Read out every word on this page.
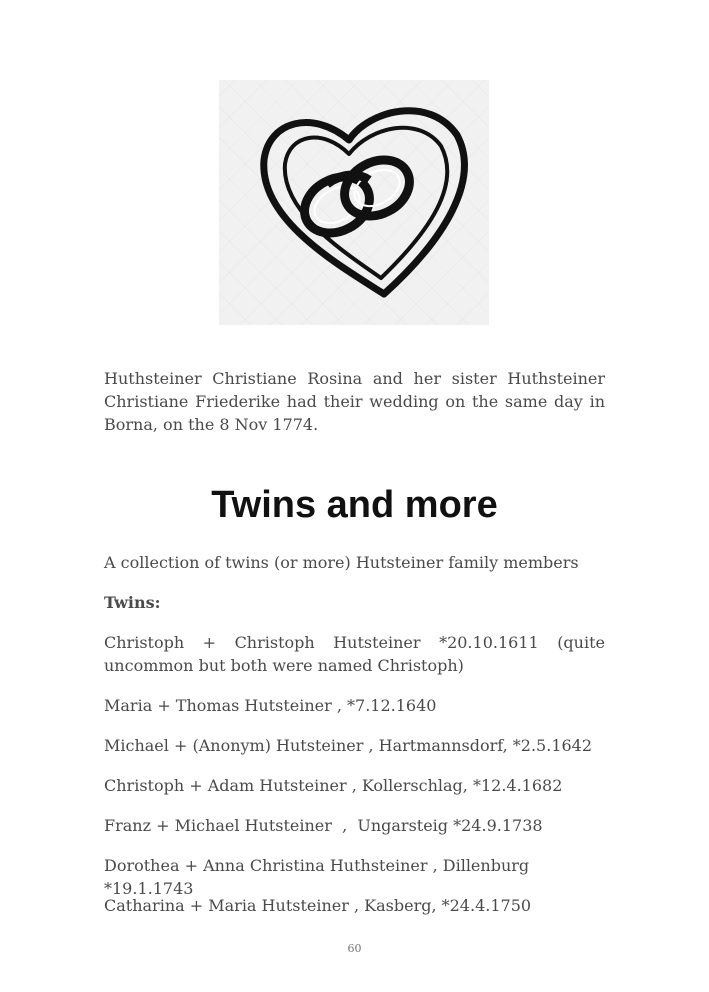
Huthsteiner Christiane Rosina and her sister Huthsteiner Christiane Friederike had their wedding on the same day in Borna, on the 8 Nov 1774.

Twins and more

A collection of twins (or more) Hutsteiner family members

Twins:

Christoph + Christoph Hutsteiner *20.10.1611 (quite uncommon but both were named Christoph)

Maria + Thomas Hutsteiner , *7.12.1640

Michael + (Anonym) Hutsteiner , Hartmannsdorf, *2.5.1642

Christoph + Adam Hutsteiner , Kollerschlag, *12.4.1682

Franz + Michael Hutsteiner  ,  Ungarsteig *24.9.1738

Dorothea + Anna Christina Huthsteiner , Dillenburg *19.1.1743

Catharina + Maria Hutsteiner , Kasberg, *24.4.1750

60
